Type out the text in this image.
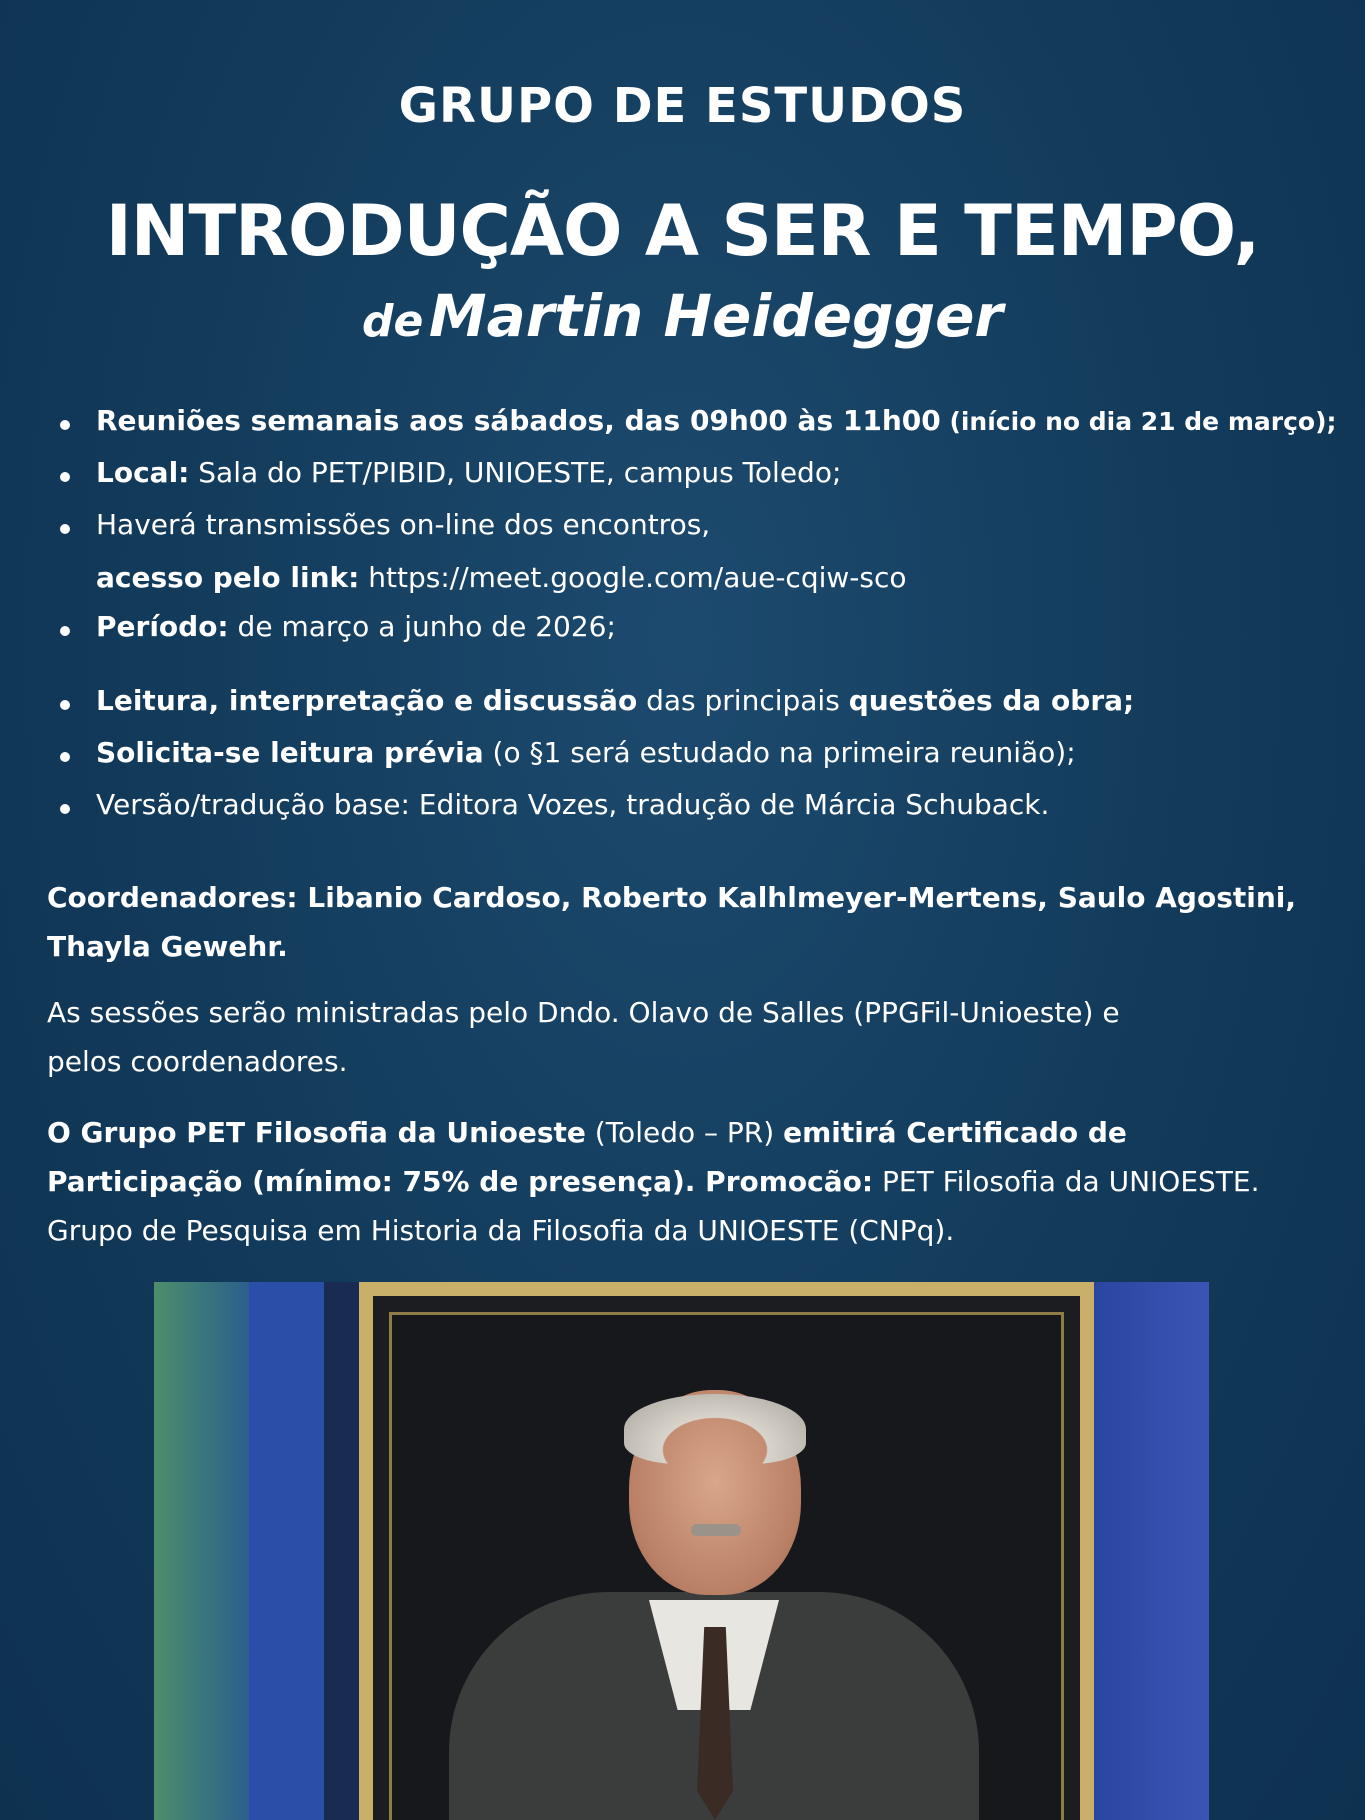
GRUPO DE ESTUDOS
INTRODUÇÃO A SER E TEMPO,
de Martin Heidegger
Reuniões semanais aos sábados, das 09h00 às 11h00 (início no dia 21 de março);
Local: Sala do PET/PIBID, UNIOESTE, campus Toledo;
Haverá transmissões on-line dos encontros,
acesso pelo link: https://meet.google.com/aue-cqiw-sco
Período: de março a junho de 2026;
Leitura, interpretação e discussão das principais questões da obra;
Solicita-se leitura prévia (o §1 será estudado na primeira reunião);
Versão/tradução base: Editora Vozes, tradução de Márcia Schuback.

Coordenadores: Libanio Cardoso, Roberto Kalhlmeyer-Mertens, Saulo Agostini,
Thayla Gewehr.

As sessões serão ministradas pelo Dndo. Olavo de Salles (PPGFil-Unioeste) e
pelos coordenadores.

O Grupo PET Filosofia da Unioeste (Toledo – PR) emitirá Certificado de
Participação (mínimo: 75% de presença). Promocão: PET Filosofia da UNIOESTE.
Grupo de Pesquisa em Historia da Filosofia da UNIOESTE (CNPq).
